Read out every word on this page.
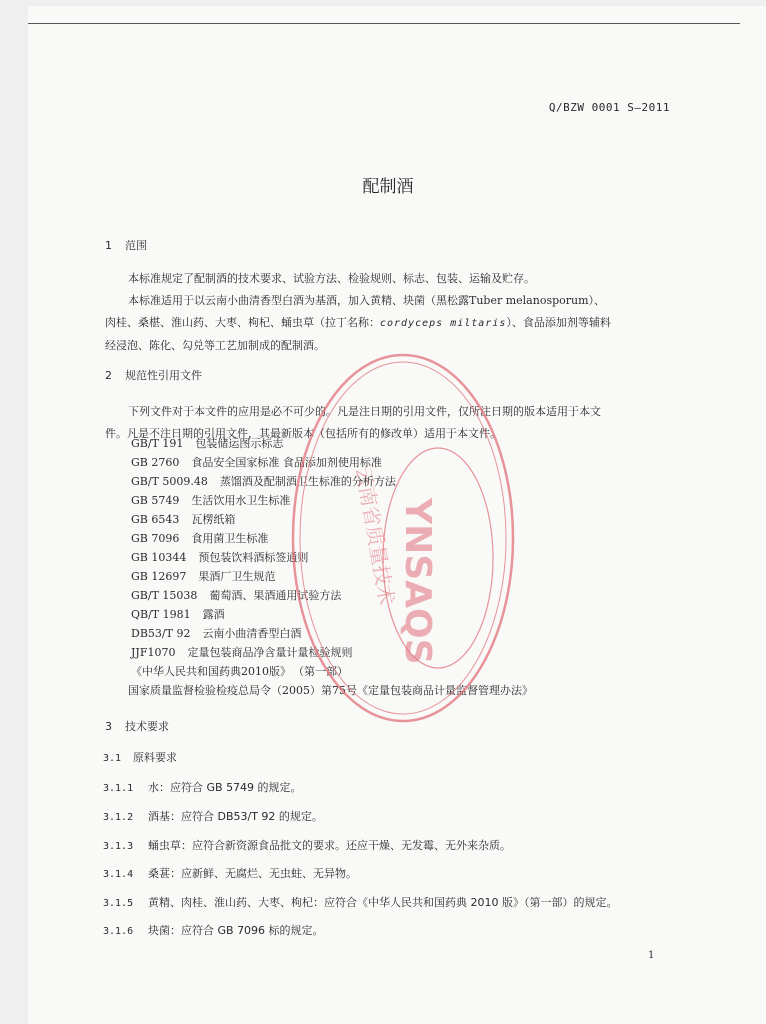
Q/BZW 0001 S—2011
配制酒
1 范围
本标准规定了配制酒的技术要求、试验方法、检验规则、标志、包装、运输及贮存。
本标准适用于以云南小曲清香型白酒为基酒，加入黄精、块菌（黑松露Tuber melanosporum）、
肉桂、桑椹、淮山药、大枣、枸杞、蛹虫草（拉丁名称：cordyceps miltaris）、食品添加剂等辅料
经浸泡、陈化、勾兑等工艺加制成的配制酒。
2 规范性引用文件
下列文件对于本文件的应用是必不可少的。凡是注日期的引用文件，仅所注日期的版本适用于本文
件。凡是不注日期的引用文件，其最新版本（包括所有的修改单）适用于本文件。
GB/T 191 包装储运图示标志
GB 2760 食品安全国家标准 食品添加剂使用标准
GB/T 5009.48 蒸馏酒及配制酒卫生标准的分析方法
GB 5749 生活饮用水卫生标准
GB 6543 瓦楞纸箱
GB 7096 食用菌卫生标准
GB 10344 预包装饮料酒标签通则
GB 12697 果酒厂卫生规范
GB/T 15038 葡萄酒、果酒通用试验方法
QB/T 1981 露酒
DB53/T 92 云南小曲清香型白酒
JJF1070 定量包装商品净含量计量检验规则
《中华人民共和国药典2010版》 （第一部）
国家质量监督检验检疫总局令（2005）第75号《定量包装商品计量监督管理办法》
3 技术要求
3.1 原料要求
3.1.1 水：应符合 GB 5749 的规定。
3.1.2 酒基：应符合 DB53/T 92 的规定。
3.1.3 蛹虫草：应符合新资源食品批文的要求。还应干燥、无发霉、无外来杂质。
3.1.4 桑葚：应新鲜、无腐烂、无虫蛀、无异物。
3.1.5 黄精、肉桂、淮山药、大枣、枸杞：应符合《中华人民共和国药典 2010 版》（第一部）的规定。
3.1.6 块菌：应符合 GB 7096 标的规定。
1
YNSAQS
云南省质量技术
